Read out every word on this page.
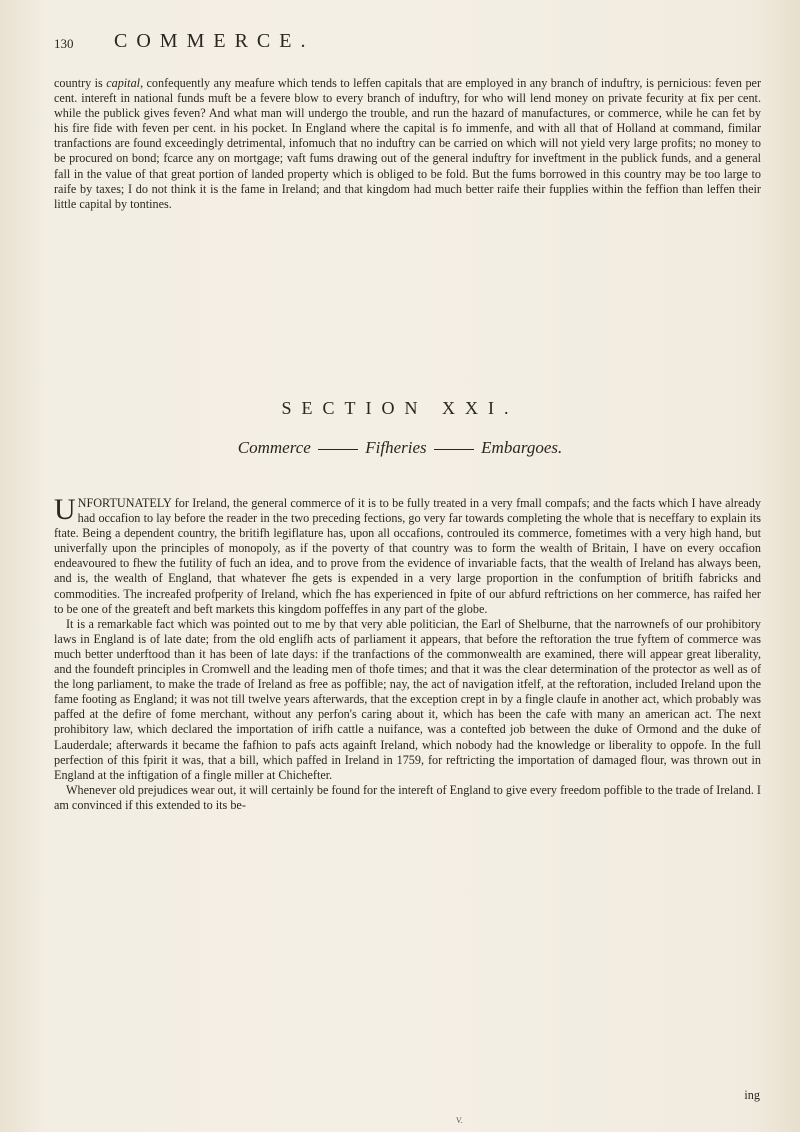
130 COMMERCE.

country is capital, confequently any meafure which tends to leffen capitals that are employed in any branch of induftry, is pernicious: feven per cent. intereft in national funds muft be a fevere blow to every branch of induftry, for who will lend money on private fecurity at fix per cent. while the publick gives feven? And what man will undergo the trouble, and run the hazard of manufactures, or commerce, while he can fet by his fire fide with feven per cent. in his pocket. In England where the capital is fo immenfe, and with all that of Holland at command, fimilar tranfactions are found exceedingly detrimental, infomuch that no induftry can be carried on which will not yield very large profits; no money to be procured on bond; fcarce any on mortgage; vaft fums drawing out of the general induftry for inveftment in the publick funds, and a general fall in the value of that great portion of landed property which is obliged to be fold. But the fums borrowed in this country may be too large to raife by taxes; I do not think it is the fame in Ireland; and that kingdom had much better raife their fupplies within the feffion than leffen their little capital by tontines.

SECTION XXI.
Commerce	Fifheries	Embargoes.

UNFORTUNATELY for Ireland, the general commerce of it is to be fully treated in a very fmall compafs; and the facts which I have already had occafion to lay before the reader in the two preceding fections, go very far towards completing the whole that is neceffary to explain its ftate. Being a dependent country, the britifh legiflature has, upon all occafions, controuled its commerce, fometimes with a very high hand, but univerfally upon the principles of monopoly, as if the poverty of that country was to form the wealth of Britain, I have on every occafion endeavoured to fhew the futility of fuch an idea, and to prove from the evidence of invariable facts, that the wealth of Ireland has always been, and is, the wealth of England, that whatever fhe gets is expended in a very large proportion in the confumption of britifh fabricks and commodities. The increafed profperity of Ireland, which fhe has experienced in fpite of our abfurd reftrictions on her commerce, has raifed her to be one of the greateft and beft markets this kingdom poffeffes in any part of the globe.

It is a remarkable fact which was pointed out to me by that very able politician, the Earl of Shelburne, that the narrownefs of our prohibitory laws in England is of late date; from the old englifh acts of parliament it appears, that before the reftoration the true fyftem of commerce was much better underftood than it has been of late days: if the tranfactions of the commonwealth are examined, there will appear great liberality, and the foundeft principles in Cromwell and the leading men of thofe times; and that it was the clear determination of the protector as well as of the long parliament, to make the trade of Ireland as free as poffible; nay, the act of navigation itfelf, at the reftoration, included Ireland upon the fame footing as England; it was not till twelve years afterwards, that the exception crept in by a fingle claufe in another act, which probably was paffed at the defire of fome merchant, without any perfon's caring about it, which has been the cafe with many an american act. The next prohibitory law, which declared the importation of irifh cattle a nuifance, was a contefted job between the duke of Ormond and the duke of Lauderdale; afterwards it became the fafhion to pafs acts againft Ireland, which nobody had the knowledge or liberality to oppofe. In the full perfection of this fpirit it was, that a bill, which paffed in Ireland in 1759, for reftricting the importation of damaged flour, was thrown out in England at the inftigation of a fingle miller at Chichefter.

Whenever old prejudices wear out, it will certainly be found for the intereft of England to give every freedom poffible to the trade of Ireland. I am convinced if this extended to its be-

ing
V.
